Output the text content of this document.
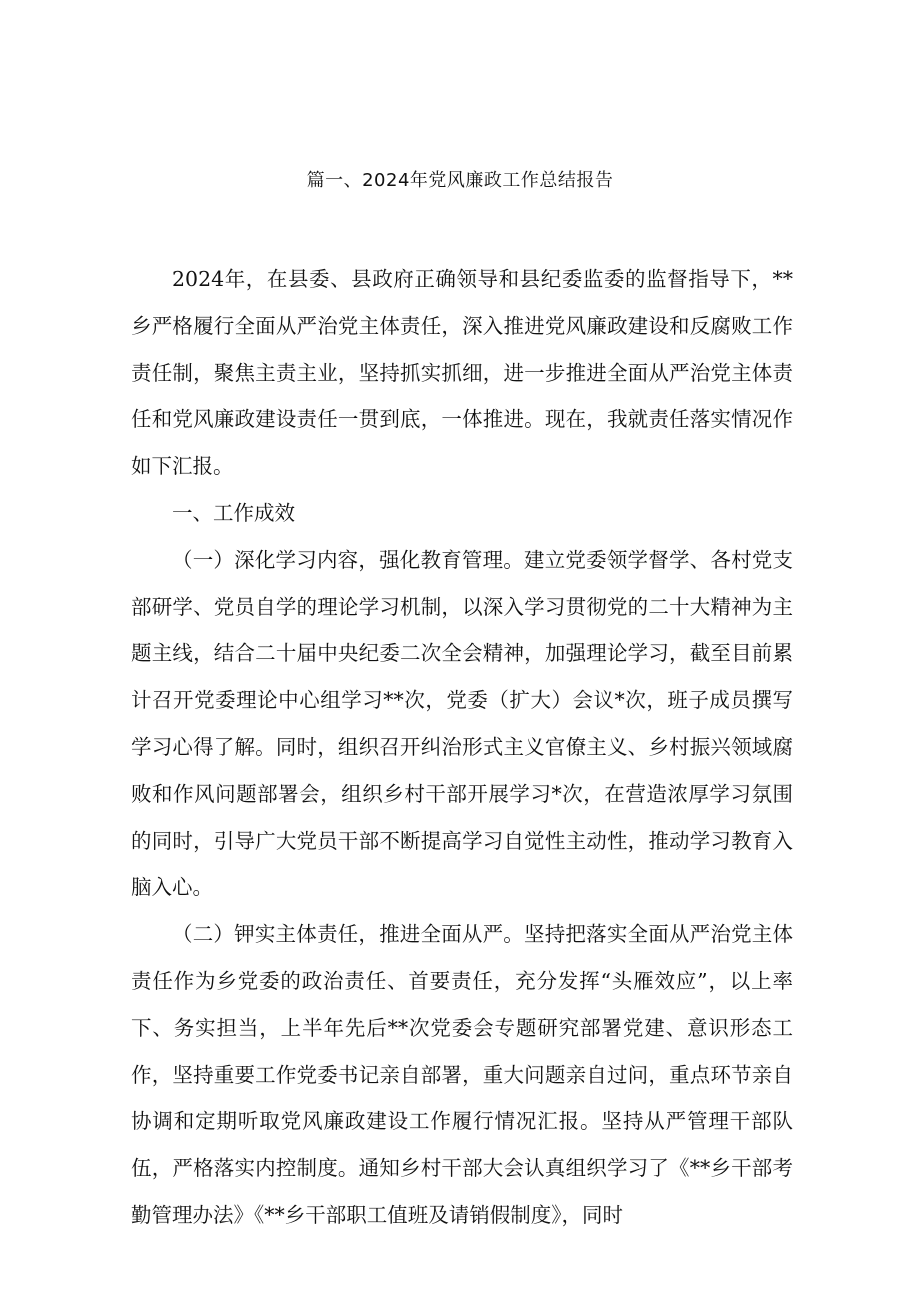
篇一、2024年党风廉政工作总结报告

2024年，在县委、县政府正确领导和县纪委监委的监督指导下，**乡严格履行全面从严治党主体责任，深入推进党风廉政建设和反腐败工作责任制，聚焦主责主业，坚持抓实抓细，进一步推进全面从严治党主体责任和党风廉政建设责任一贯到底，一体推进。现在，我就责任落实情况作如下汇报。

一、工作成效

（一）深化学习内容，强化教育管理。建立党委领学督学、各村党支部研学、党员自学的理论学习机制，以深入学习贯彻党的二十大精神为主题主线，结合二十届中央纪委二次全会精神，加强理论学习，截至目前累计召开党委理论中心组学习**次，党委（扩大）会议*次，班子成员撰写学习心得了解。同时，组织召开纠治形式主义官僚主义、乡村振兴领域腐败和作风问题部署会，组织乡村干部开展学习*次，在营造浓厚学习氛围的同时，引导广大党员干部不断提高学习自觉性主动性，推动学习教育入脑入心。

（二）钾实主体责任，推进全面从严。坚持把落实全面从严治党主体责任作为乡党委的政治责任、首要责任，充分发挥“头雁效应”，以上率下、务实担当，上半年先后**次党委会专题研究部署党建、意识形态工作，坚持重要工作党委书记亲自部署，重大问题亲自过问，重点环节亲自协调和定期听取党风廉政建设工作履行情况汇报。坚持从严管理干部队伍，严格落实内控制度。通知乡村干部大会认真组织学习了《**乡干部考勤管理办法》《**乡干部职工值班及请销假制度》，同时
